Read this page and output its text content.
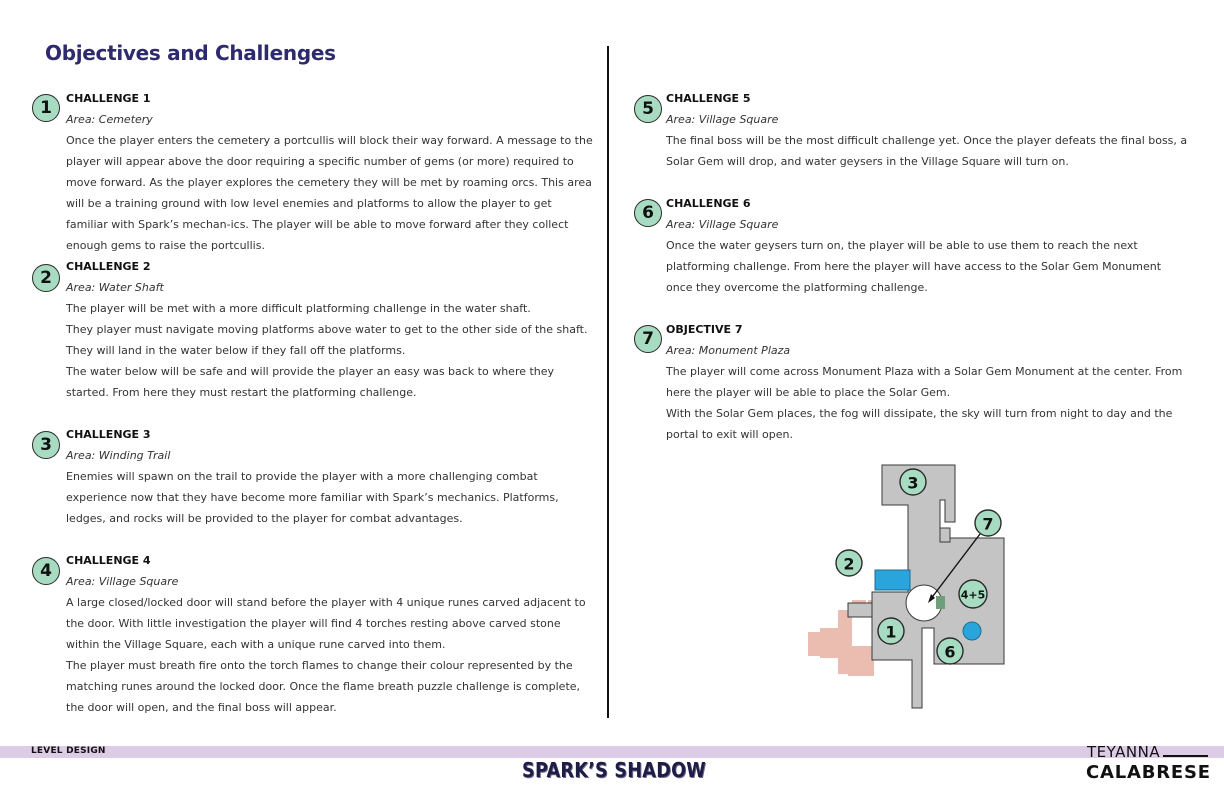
Objectives and Challenges
1	CHALLENGE 1
Area: Cemetery

Once the player enters the cemetery a portcullis will block their way forward. A message to the player will appear above the door requiring a specific number of gems (or more) required to move forward. As the player explores the cemetery they will be met by roaming orcs. This area will be a training ground with low level enemies and platforms to allow the player to get familiar with Spark’s mechan-ics. The player will be able to move forward after they collect enough gems to raise the portcullis.

2
CHALLENGE 2
Area: Water Shaft

The player will be met with a more difficult platforming challenge in the water shaft.

They player must navigate moving platforms above water to get to the other side of the shaft. They will land in the water below if they fall off the platforms.

The water below will be safe and will provide the player an easy was back to where they started. From here they must restart the platforming challenge.

3
CHALLENGE 3
Area: Winding Trail

Enemies will spawn on the trail to provide the player with a more challenging combat experience now that they have become more familiar with Spark’s mechanics. Platforms, ledges, and rocks will be provided to the player for combat advantages.

4
CHALLENGE 4
Area: Village Square

A large closed/locked door will stand before the player with 4 unique runes carved adjacent to the door. With little investigation the player will find 4 torches resting above carved stone within the Village Square, each with a unique rune carved into them.

The player must breath fire onto the torch flames to change their colour represented by the matching runes around the locked door. Once the flame breath puzzle challenge is complete, the door will open, and the final boss will appear.

5
CHALLENGE 5
Area: Village Square

The final boss will be the most difficult challenge yet. Once the player defeats the final boss, a Solar Gem will drop, and water geysers in the Village Square will turn on.

6	CHALLENGE 6
Area: Village Square

Once the water geysers turn on, the player will be able to use them to reach the next platforming challenge. From here the player will have access to the Solar Gem Monument once they overcome the platforming challenge.

7	OBJECTIVE 7
Area: Monument Plaza

The player will come across Monument Plaza with a Solar Gem Monument at the center. From here the player will be able to place the Solar Gem.

With the Solar Gem places, the fog will dissipate, the sky will turn from night to day and the portal to exit will open.

3
7
2
4+5
1
6
LEVEL DESIGN
SPARK’S SHADOW
TEYANNA
CALABRESE
